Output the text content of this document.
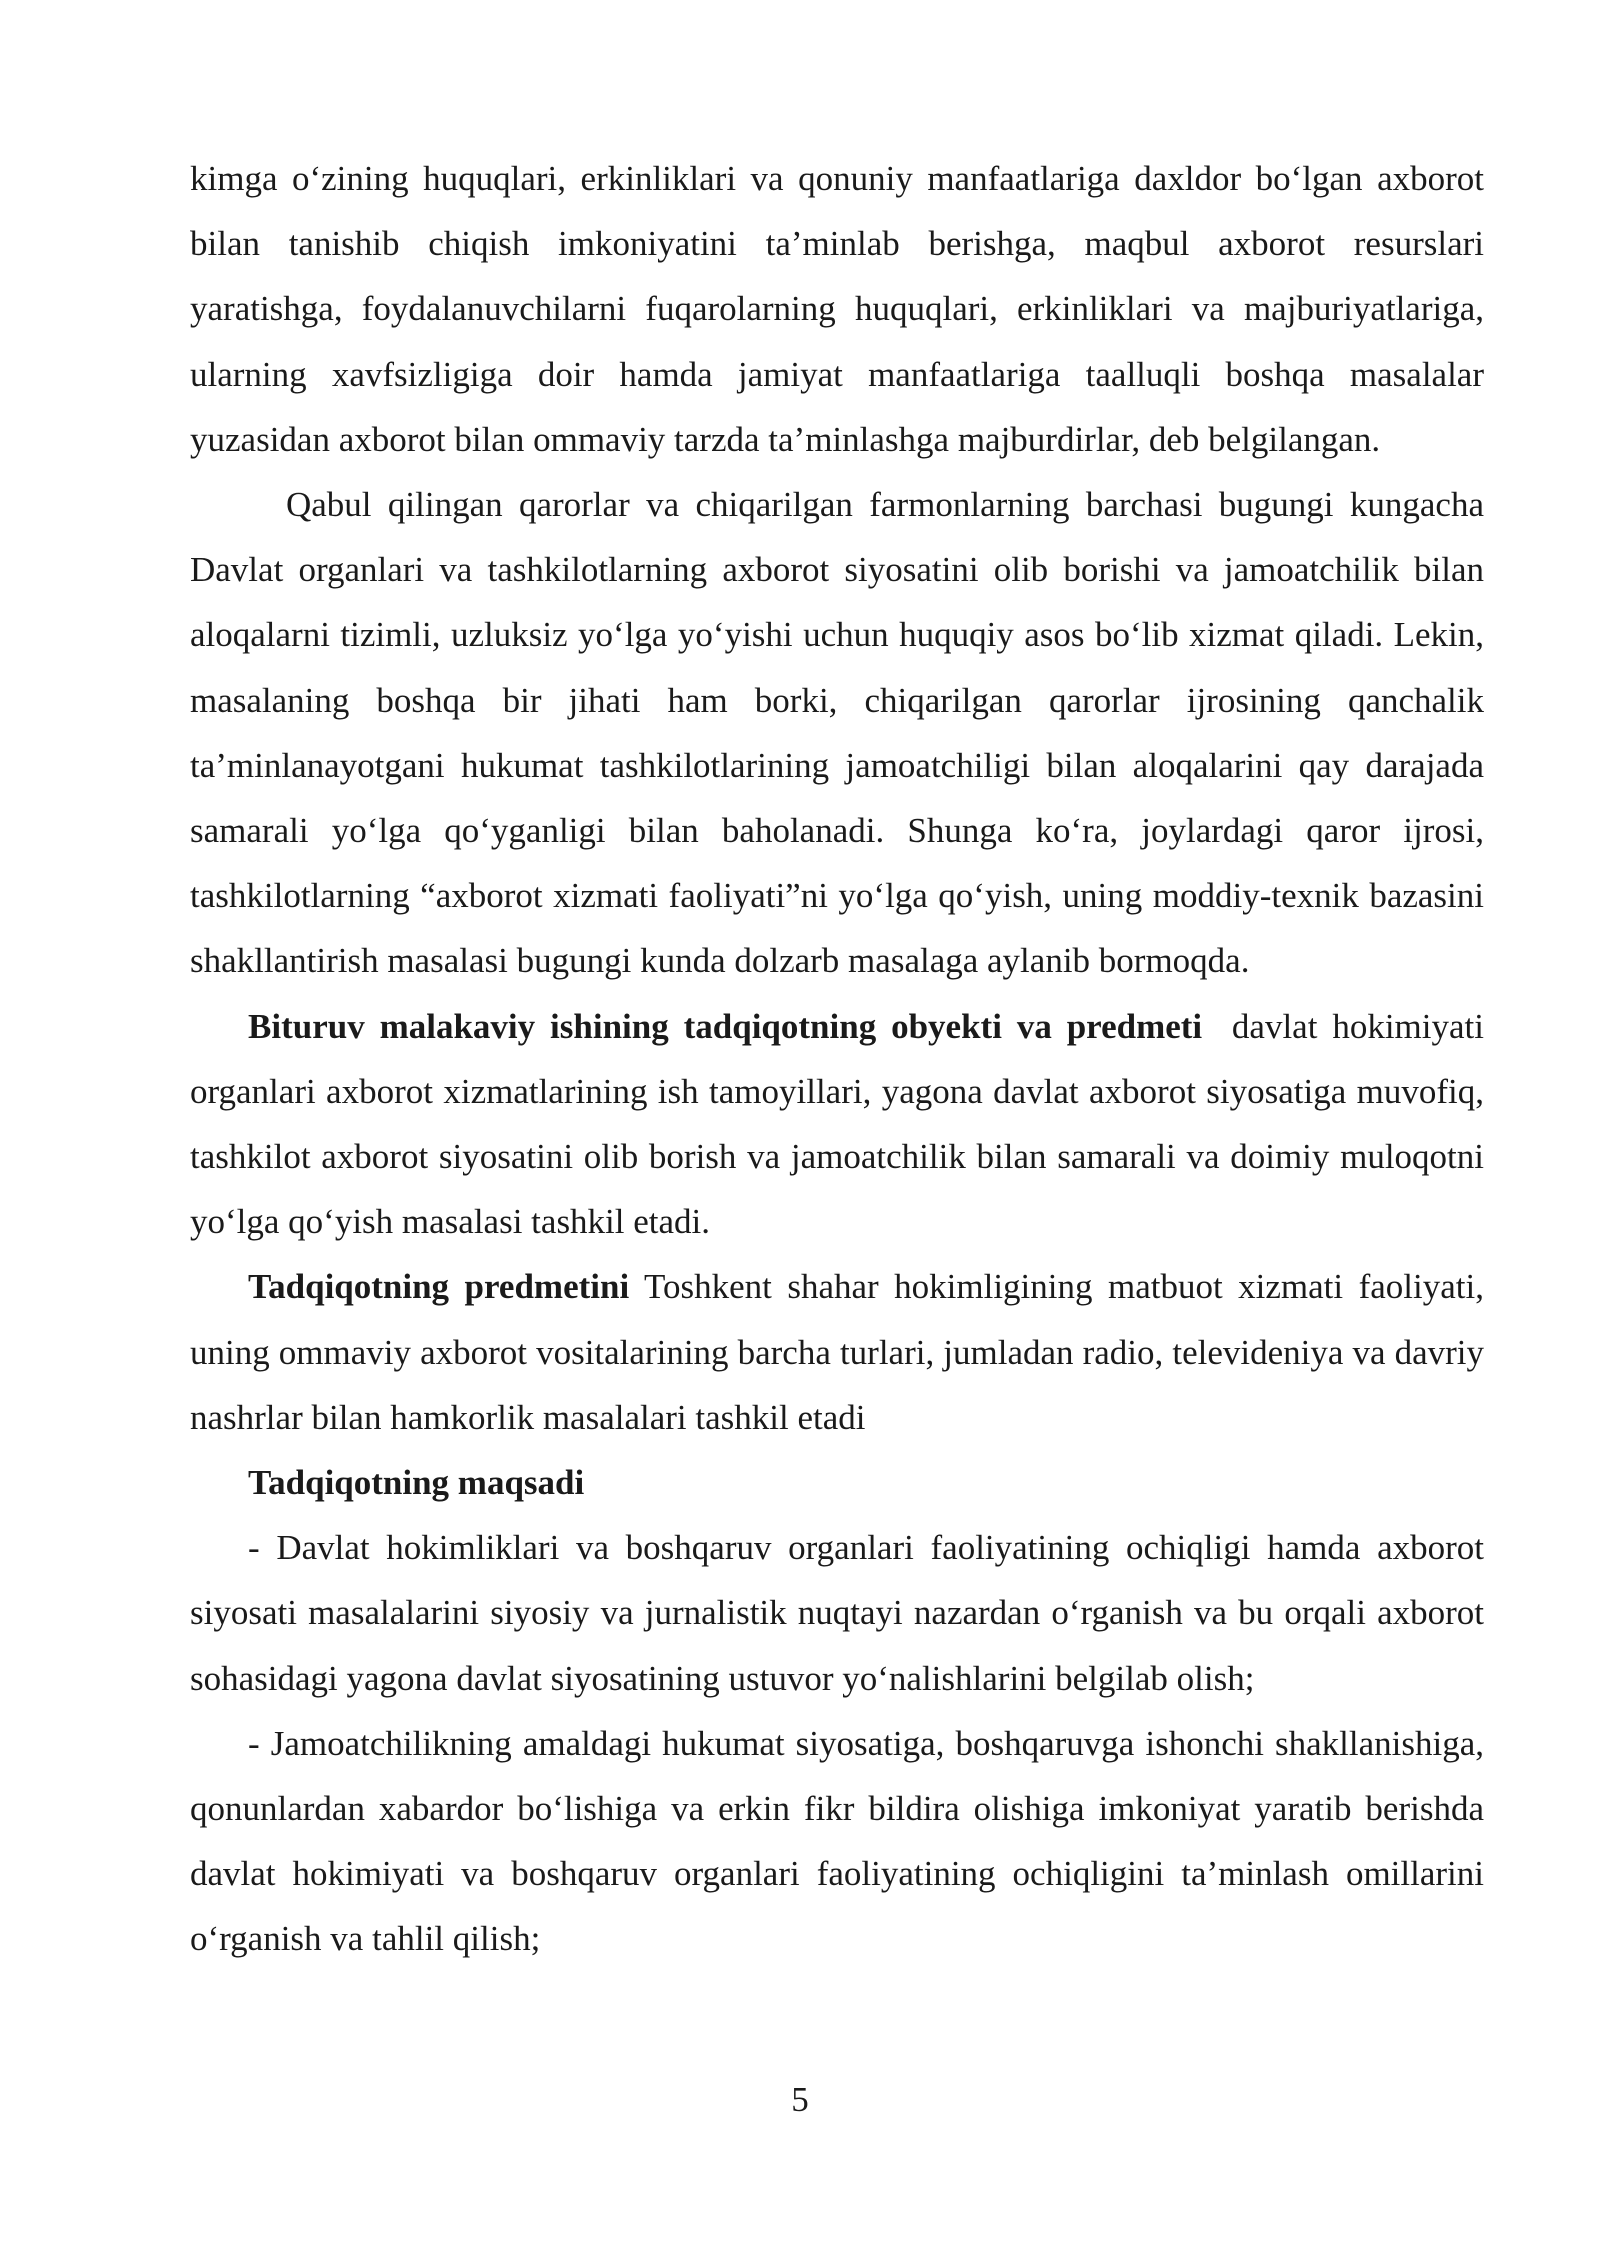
kimga o‘zining huquqlari, erkinliklari va qonuniy manfaatlariga daxldor bo‘lgan axborot bilan tanishib chiqish imkoniyatini ta’minlab berishga, maqbul axborot resurslari yaratishga, foydalanuvchilarni fuqarolarning huquqlari, erkinliklari va majburiyatlariga, ularning xavfsizligiga doir hamda jamiyat manfaatlariga taalluqli boshqa masalalar yuzasidan axborot bilan ommaviy tarzda ta’minlashga majburdirlar, deb belgilangan.

Qabul qilingan qarorlar va chiqarilgan farmonlarning barchasi bugungi kungacha Davlat organlari va tashkilotlarning axborot siyosatini olib borishi va jamoatchilik bilan aloqalarni tizimli, uzluksiz yo‘lga yo‘yishi uchun huquqiy asos bo‘lib xizmat qiladi. Lekin, masalaning boshqa bir jihati ham borki, chiqarilgan qarorlar ijrosining qanchalik ta’minlanayotgani hukumat tashkilotlarining jamoatchiligi bilan aloqalarini qay darajada samarali yo‘lga qo‘yganligi bilan baholanadi. Shunga ko‘ra, joylardagi qaror ijrosi, tashkilotlarning “axborot xizmati faoliyati”ni yo‘lga qo‘yish, uning moddiy-texnik bazasini shakllantirish masalasi bugungi kunda dolzarb masalaga aylanib bormoqda.

Bituruv malakaviy ishining tadqiqotning obyekti va predmeti  davlat hokimiyati organlari axborot xizmatlarining ish tamoyillari, yagona davlat axborot siyosatiga muvofiq, tashkilot axborot siyosatini olib borish va jamoatchilik bilan samarali va doimiy muloqotni yo‘lga qo‘yish masalasi tashkil etadi.

Tadqiqotning predmetini Toshkent shahar hokimligining matbuot xizmati faoliyati, uning ommaviy axborot vositalarining barcha turlari, jumladan radio, televideniya va davriy nashrlar bilan hamkorlik masalalari tashkil etadi

Tadqiqotning maqsadi

- Davlat hokimliklari va boshqaruv organlari faoliyatining ochiqligi hamda axborot siyosati masalalarini siyosiy va jurnalistik nuqtayi nazardan o‘rganish va bu orqali axborot sohasidagi yagona davlat siyosatining ustuvor yo‘nalishlarini belgilab olish;

- Jamoatchilikning amaldagi hukumat siyosatiga, boshqaruvga ishonchi shakllanishiga, qonunlardan xabardor bo‘lishiga va erkin fikr bildira olishiga imkoniyat yaratib berishda davlat hokimiyati va boshqaruv organlari faoliyatining ochiqligini ta’minlash omillarini o‘rganish va tahlil qilish;

5
